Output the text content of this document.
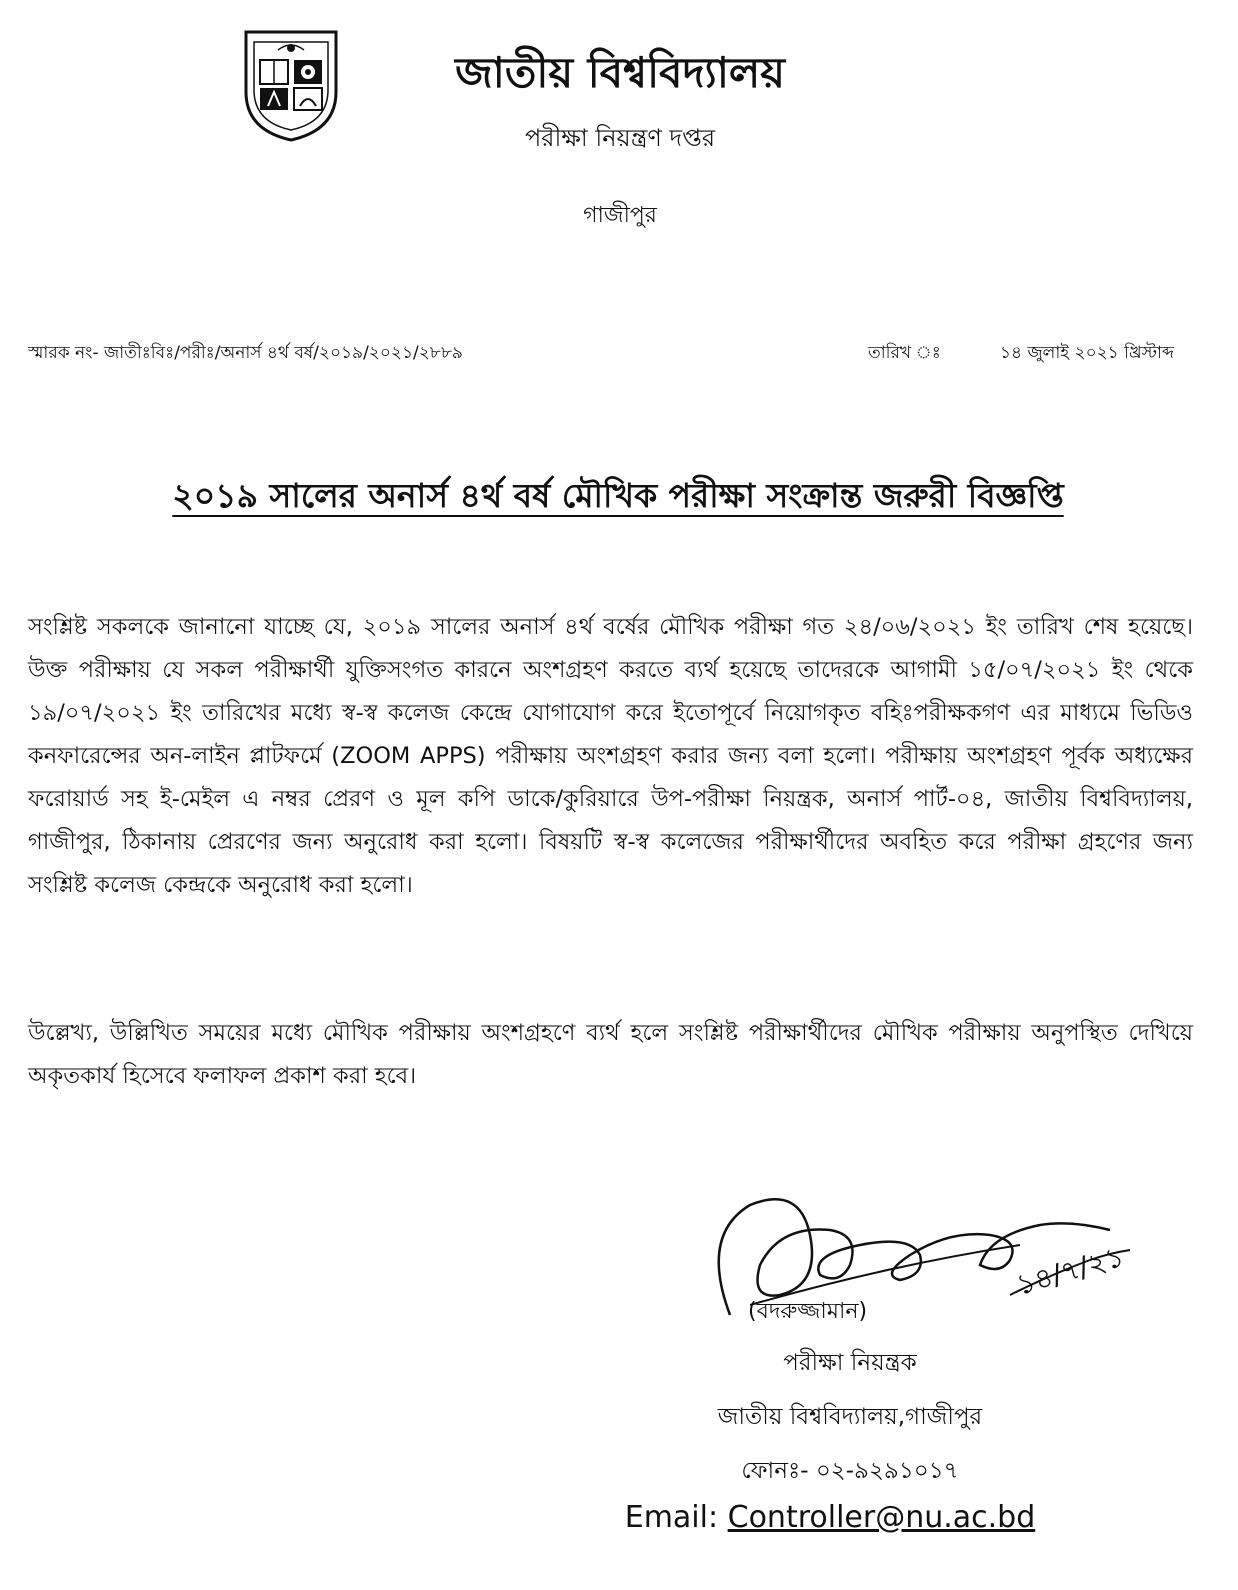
জাতীয় বিশ্ববিদ্যালয়
পরীক্ষা নিয়ন্ত্রণ দপ্তর
গাজীপুর
স্মারক নং- জাতীঃবিঃ/পরীঃ/অনার্স ৪র্থ বর্ষ/২০১৯/২০২১/২৮৮৯	তারিখ ঃ	১৪ জুলাই ২০২১ খ্রিস্টাব্দ
২০১৯ সালের অনার্স ৪র্থ বর্ষ মৌখিক পরীক্ষা সংক্রান্ত জরুরী বিজ্ঞপ্তি

সংশ্লিষ্ট সকলকে জানানো যাচ্ছে যে, ২০১৯ সালের অনার্স ৪র্থ বর্ষের মৌখিক পরীক্ষা গত ২৪/০৬/২০২১ ইং তারিখ শেষ হয়েছে। উক্ত পরীক্ষায় যে সকল পরীক্ষার্থী যুক্তিসংগত কারনে অংশগ্রহণ করতে ব্যর্থ হয়েছে তাদেরকে আগামী ১৫/০৭/২০২১ ইং থেকে ১৯/০৭/২০২১ ইং তারিখের মধ্যে স্ব-স্ব কলেজ কেন্দ্রে যোগাযোগ করে ইতোপূর্বে নিয়োগকৃত বহিঃপরীক্ষকগণ এর মাধ্যমে ভিডিও কনফারেন্সের অন-লাইন প্লাটফর্মে (ZOOM APPS) পরীক্ষায় অংশগ্রহণ করার জন্য বলা হলো। পরীক্ষায় অংশগ্রহণ পূর্বক অধ্যক্ষের ফরোয়ার্ড সহ ই-মেইল এ নম্বর প্রেরণ ও মূল কপি ডাকে/কুরিয়ারে উপ-পরীক্ষা নিয়ন্ত্রক, অনার্স পার্ট-০৪, জাতীয় বিশ্ববিদ্যালয়, গাজীপুর, ঠিকানায় প্রেরণের জন্য অনুরোধ করা হলো। বিষয়টি স্ব-স্ব কলেজের পরীক্ষার্থীদের অবহিত করে পরীক্ষা গ্রহণের জন্য সংশ্লিষ্ট কলেজ কেন্দ্রকে অনুরোধ করা হলো।

উল্লেখ্য, উল্লিখিত সময়ের মধ্যে মৌখিক পরীক্ষায় অংশগ্রহণে ব্যর্থ হলে সংশ্লিষ্ট পরীক্ষার্থীদের মৌখিক পরীক্ষায় অনুপস্থিত দেখিয়ে অকৃতকার্য হিসেবে ফলাফল প্রকাশ করা হবে।

১৪/৭/২১
(বদরুজ্জামান)
পরীক্ষা নিয়ন্ত্রক
জাতীয় বিশ্ববিদ্যালয়,গাজীপুর
ফোনঃ- ০২-৯২৯১০১৭
Email: Controller@nu.ac.bd
